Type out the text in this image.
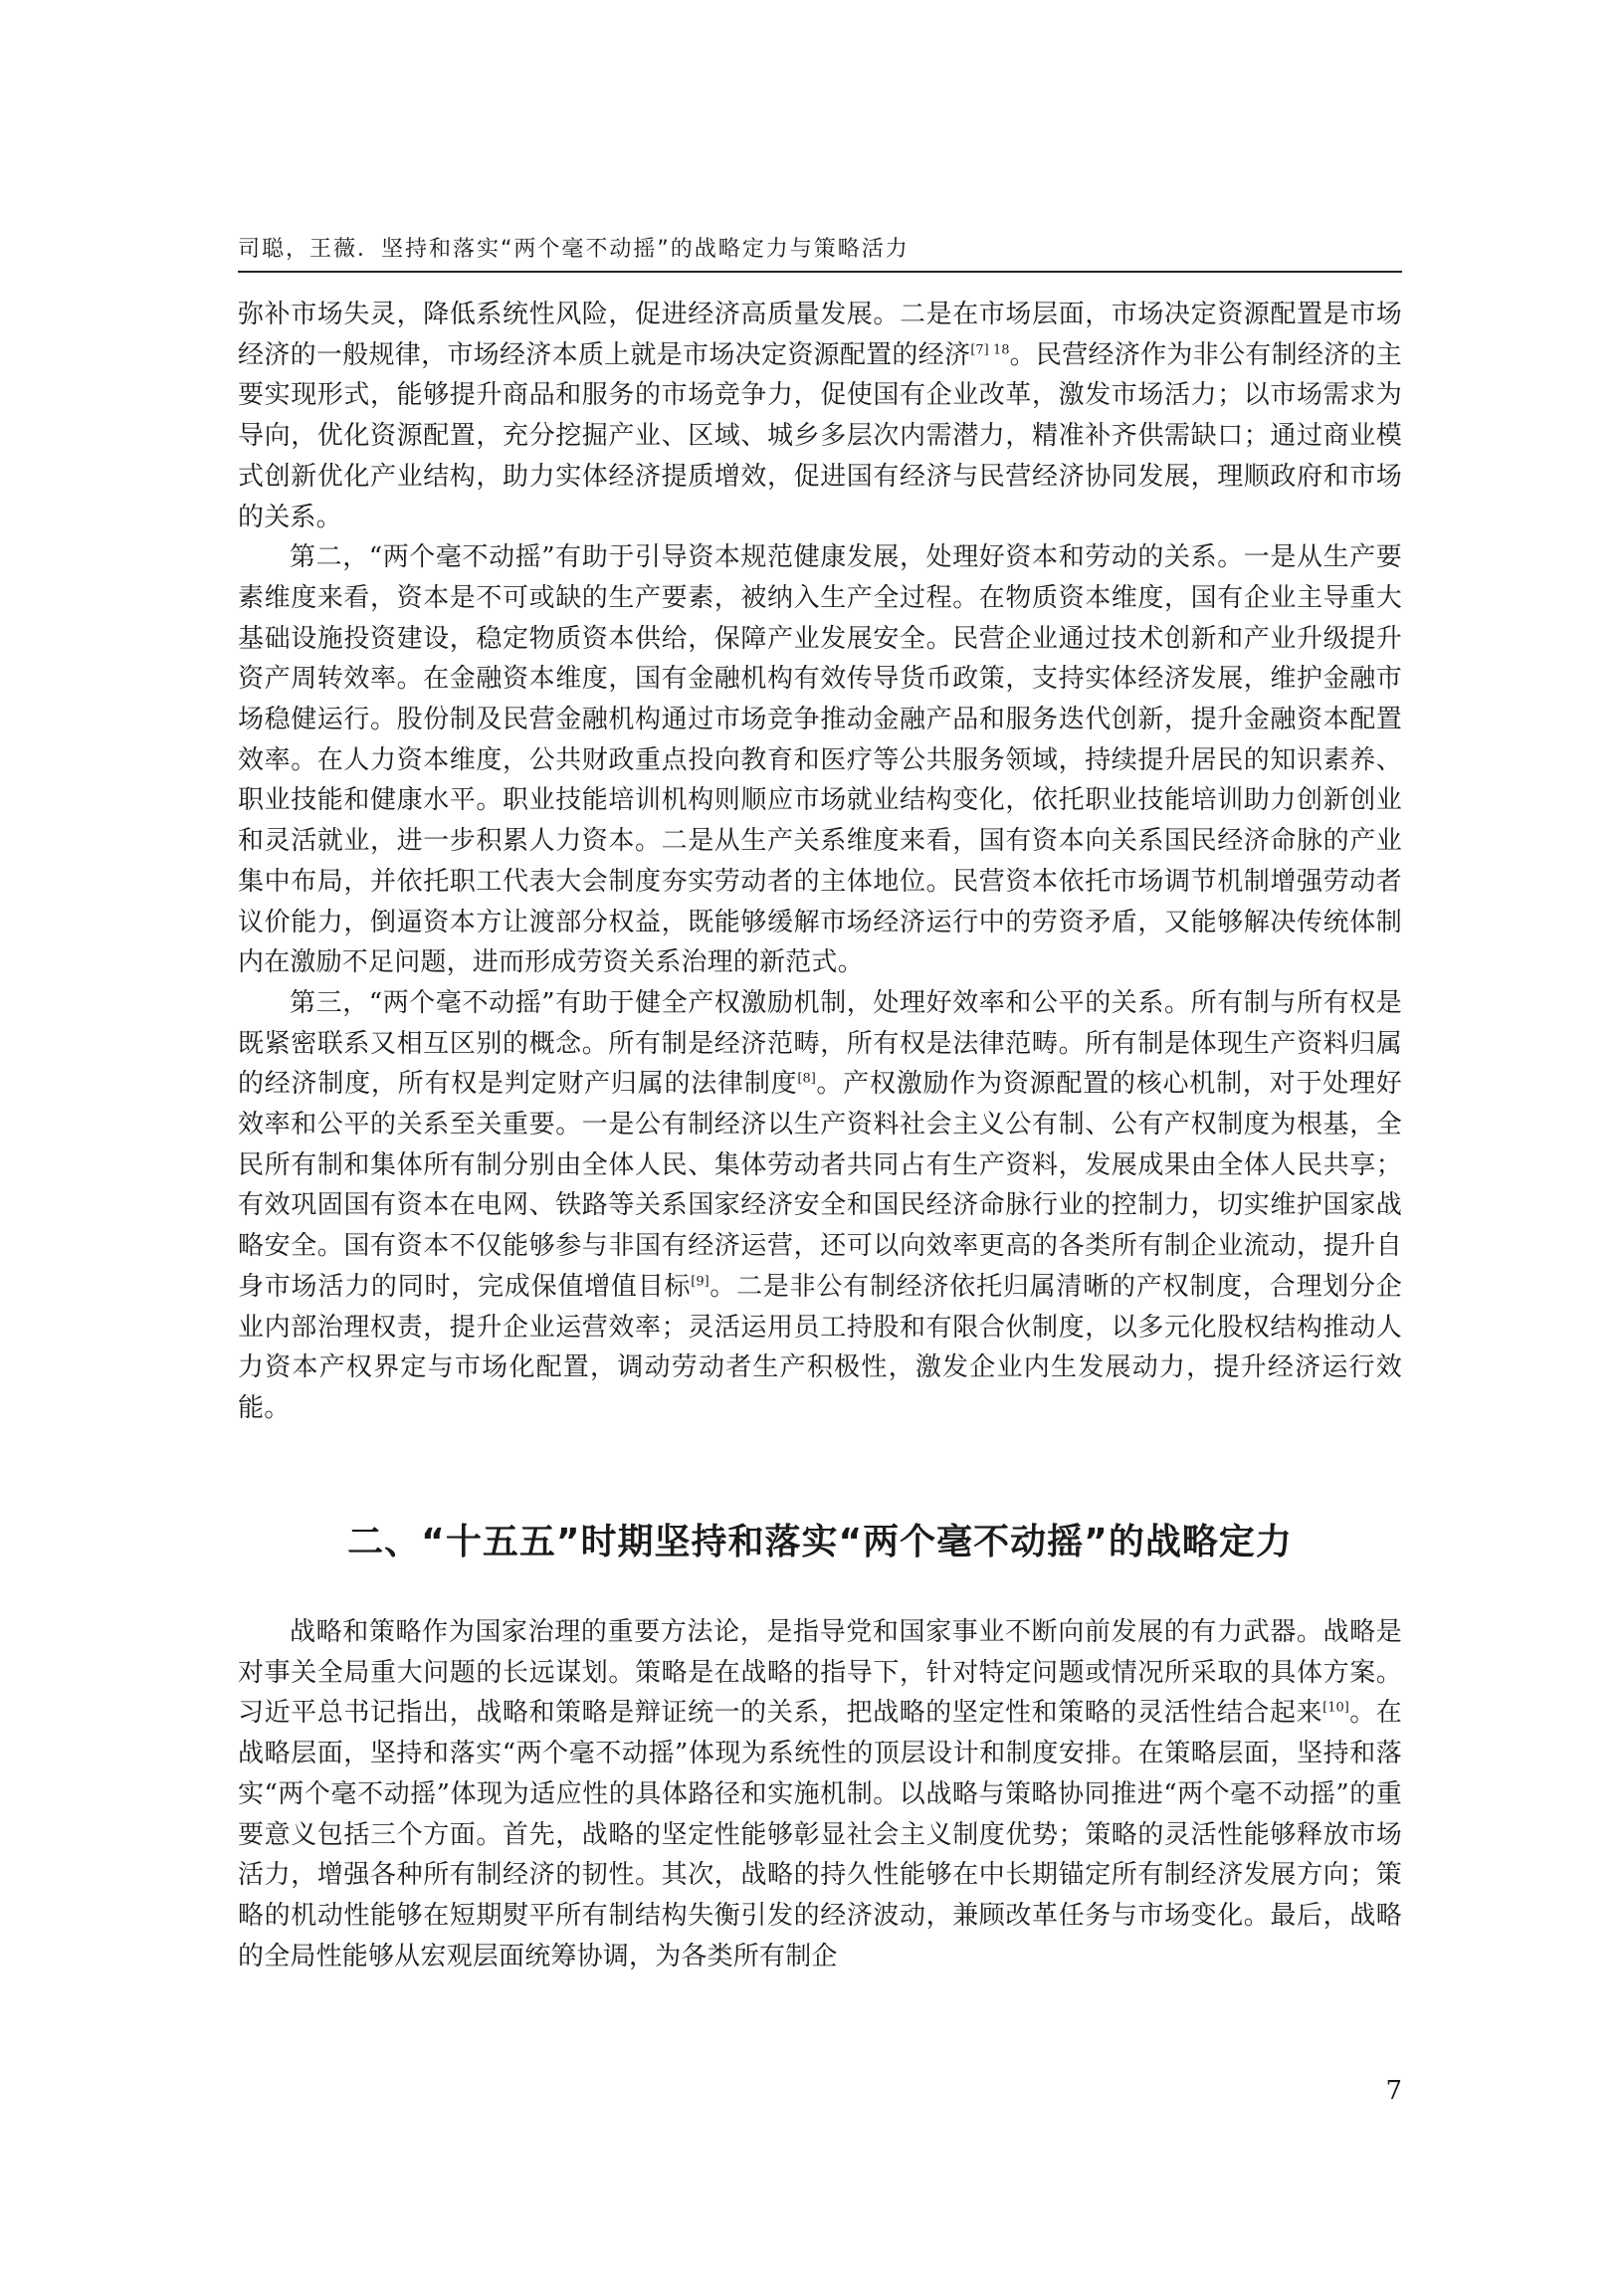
司聪，王薇．坚持和落实“两个毫不动摇”的战略定力与策略活力

弥补市场失灵，降低系统性风险，促进经济高质量发展。二是在市场层面，市场决定资源配置是市场经济的一般规律，市场经济本质上就是市场决定资源配置的经济$^{[7] 18}$。民营经济作为非公有制经济的主要实现形式，能够提升商品和服务的市场竞争力，促使国有企业改革，激发市场活力；以市场需求为导向，优化资源配置，充分挖掘产业、区域、城乡多层次内需潜力，精准补齐供需缺口；通过商业模式创新优化产业结构，助力实体经济提质增效，促进国有经济与民营经济协同发展，理顺政府和市场的关系。

第二，“两个毫不动摇”有助于引导资本规范健康发展，处理好资本和劳动的关系。一是从生产要素维度来看，资本是不可或缺的生产要素，被纳入生产全过程。在物质资本维度，国有企业主导重大基础设施投资建设，稳定物质资本供给，保障产业发展安全。民营企业通过技术创新和产业升级提升资产周转效率。在金融资本维度，国有金融机构有效传导货币政策，支持实体经济发展，维护金融市场稳健运行。股份制及民营金融机构通过市场竞争推动金融产品和服务迭代创新，提升金融资本配置效率。在人力资本维度，公共财政重点投向教育和医疗等公共服务领域，持续提升居民的知识素养、职业技能和健康水平。职业技能培训机构则顺应市场就业结构变化，依托职业技能培训助力创新创业和灵活就业，进一步积累人力资本。二是从生产关系维度来看，国有资本向关系国民经济命脉的产业集中布局，并依托职工代表大会制度夯实劳动者的主体地位。民营资本依托市场调节机制增强劳动者议价能力，倒逼资本方让渡部分权益，既能够缓解市场经济运行中的劳资矛盾，又能够解决传统体制内在激励不足问题，进而形成劳资关系治理的新范式。

第三，“两个毫不动摇”有助于健全产权激励机制，处理好效率和公平的关系。所有制与所有权是既紧密联系又相互区别的概念。所有制是经济范畴，所有权是法律范畴。所有制是体现生产资料归属的经济制度，所有权是判定财产归属的法律制度[8]。产权激励作为资源配置的核心机制，对于处理好效率和公平的关系至关重要。一是公有制经济以生产资料社会主义公有制、公有产权制度为根基，全民所有制和集体所有制分别由全体人民、集体劳动者共同占有生产资料，发展成果由全体人民共享；有效巩固国有资本在电网、铁路等关系国家经济安全和国民经济命脉行业的控制力，切实维护国家战略安全。国有资本不仅能够参与非国有经济运营，还可以向效率更高的各类所有制企业流动，提升自身市场活力的同时，完成保值增值目标[9]。二是非公有制经济依托归属清晰的产权制度，合理划分企业内部治理权责，提升企业运营效率；灵活运用员工持股和有限合伙制度，以多元化股权结构推动人力资本产权界定与市场化配置，调动劳动者生产积极性，激发企业内生发展动力，提升经济运行效能。

二、“十五五”时期坚持和落实“两个毫不动摇”的战略定力

战略和策略作为国家治理的重要方法论，是指导党和国家事业不断向前发展的有力武器。战略是对事关全局重大问题的长远谋划。策略是在战略的指导下，针对特定问题或情况所采取的具体方案。习近平总书记指出，战略和策略是辩证统一的关系，把战略的坚定性和策略的灵活性结合起来[10]。在战略层面，坚持和落实“两个毫不动摇”体现为系统性的顶层设计和制度安排。在策略层面，坚持和落实“两个毫不动摇”体现为适应性的具体路径和实施机制。以战略与策略协同推进“两个毫不动摇”的重要意义包括三个方面。首先，战略的坚定性能够彰显社会主义制度优势；策略的灵活性能够释放市场活力，增强各种所有制经济的韧性。其次，战略的持久性能够在中长期锚定所有制经济发展方向；策略的机动性能够在短期熨平所有制结构失衡引发的经济波动，兼顾改革任务与市场变化。最后，战略的全局性能够从宏观层面统筹协调，为各类所有制企

7
